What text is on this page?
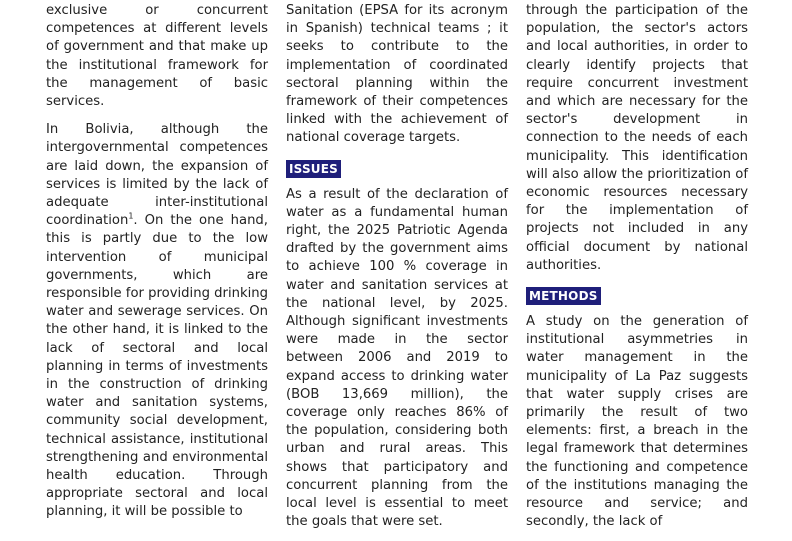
exclusive or concurrent competences at different levels of government and that make up the institutional framework for the management of basic services.

In Bolivia, although the intergovernmental competences are laid down, the expansion of services is limited by the lack of adequate inter-institutional coordination$^1$. On the one hand, this is partly due to the low intervention of municipal governments, which are responsible for providing drinking water and sewerage services. On the other hand, it is linked to the lack of sectoral and local planning in terms of investments in the construction of drinking water and sanitation systems, community social development, technical assistance, institutional strengthening and environmental health education. Through appropriate sectoral and local planning, it will be possible to

Sanitation (EPSA for its acronym in Spanish) technical teams ; it seeks to contribute to the implementation of coordinated sectoral planning within the framework of their competences linked with the achievement of national coverage targets.

ISSUES

As a result of the declaration of water as a fundamental human right, the 2025 Patriotic Agenda drafted by the government aims to achieve 100 % coverage in water and sanitation services at the national level, by 2025. Although significant investments were made in the sector between 2006 and 2019 to expand access to drinking water (BOB 13,669 million), the coverage only reaches 86% of the population, considering both urban and rural areas. This shows that participatory and concurrent planning from the local level is essential to meet the goals that were set.

through the participation of the population, the sector's actors and local authorities, in order to clearly identify projects that require concurrent investment and which are necessary for the sector's development in connection to the needs of each municipality. This identification will also allow the prioritization of economic resources necessary for the implementation of projects not included in any official document by national authorities.

METHODS

A study on the generation of institutional asymmetries in water management in the municipality of La Paz suggests that water supply crises are primarily the result of two elements: first, a breach in the legal framework that determines the functioning and competence of the institutions managing the resource and service; and secondly, the lack of
